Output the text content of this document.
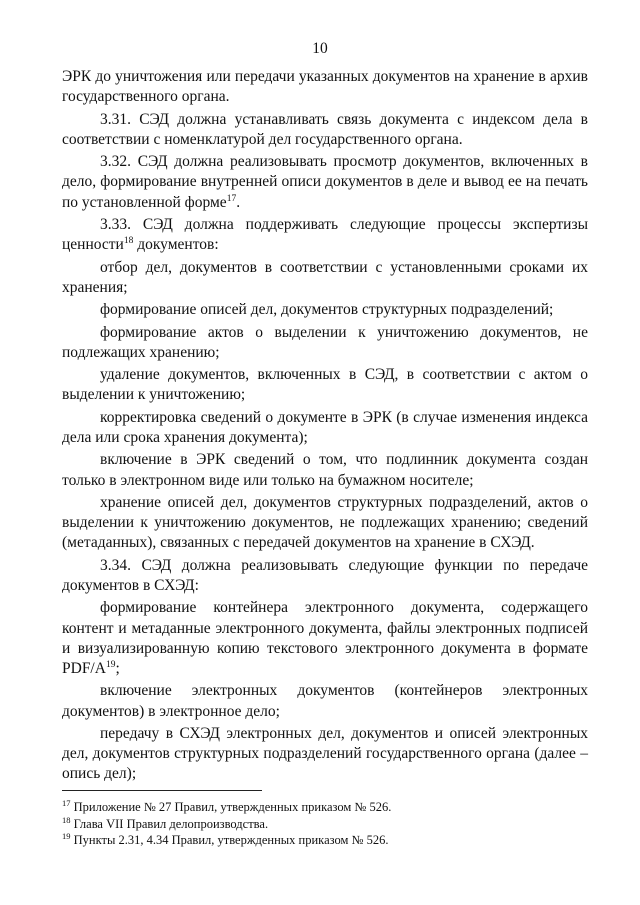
10

ЭРК до уничтожения или передачи указанных документов на хранение в архив государственного органа.

3.31. СЭД должна устанавливать связь документа с индексом дела в соответствии с номенклатурой дел государственного органа.

3.32. СЭД должна реализовывать просмотр документов, включенных в дело, формирование внутренней описи документов в деле и вывод ее на печать по установленной форме$^{17}$.

3.33. СЭД должна поддерживать следующие процессы экспертизы ценности$^{18}$ документов:

отбор дел, документов в соответствии с установленными сроками их хранения;

формирование описей дел, документов структурных подразделений;

формирование актов о выделении к уничтожению документов, не подлежащих хранению;

удаление документов, включенных в СЭД, в соответствии с актом о выделении к уничтожению;

корректировка сведений о документе в ЭРК (в случае изменения индекса дела или срока хранения документа);

включение в ЭРК сведений о том, что подлинник документа создан только в электронном виде или только на бумажном носителе;

хранение описей дел, документов структурных подразделений, актов о выделении к уничтожению документов, не подлежащих хранению; сведений (метаданных), связанных с передачей документов на хранение в СХЭД.

3.34. СЭД должна реализовывать следующие функции по передаче документов в СХЭД:

формирование контейнера электронного документа, содержащего контент и метаданные электронного документа, файлы электронных подписей и визуализированную копию текстового электронного документа в формате PDF/$A^{19}$;

включение электронных документов (контейнеров электронных документов) в электронное дело;

передачу в СХЭД электронных дел, документов и описей электронных дел, документов структурных подразделений государственного органа (далее – опись дел);

$^{17}$ Приложение № 27 Правил, утвержденных приказом № 526.

$^{18}$ Глава VII Правил делопроизводства.

$^{19}$ Пункты 2.31, 4.34 Правил, утвержденных приказом № 526.
